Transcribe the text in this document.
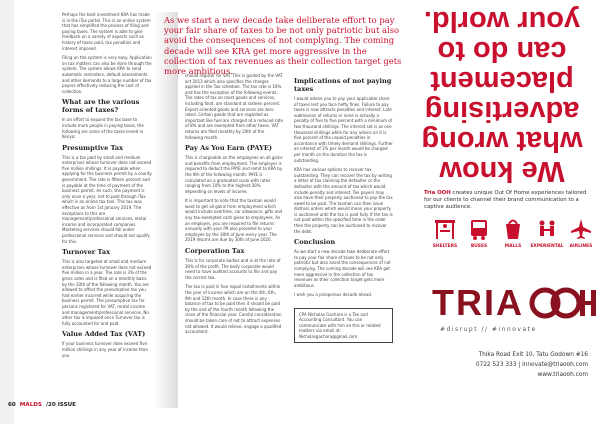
Perhaps the best investment KRA has made is in the iTax portal. This is an online system that has simplified the process of filing and paying taxes. The system is able to give feedback on a variety of aspects such as history of taxes paid, tax penalties and interest imposed.

Filing on the system is very easy. Application on tax matters can also be done through the system. The system allows KRA to send automatic reminders, default assessments and other demands to a large number of tax payers effectively reducing the cost of collection.

What are the various forms of taxes?

In an effort to expand the tax base to include more people in paying taxes, the following are some of the taxes levied in Kenya:

Presumptive Tax

This is a tax paid by small and medium enterprises whose turnover does not exceed five million shillings. It is payable when applying for the business permit by a county government. The rate is fifteen percent and is payable at the time of payment of the business permit. As such, the payment is only once a year, not to paid through iTax which is an online tax tool. This tax was effective as from 1st January 2019. The exceptions to this are management/professional services, rental income and incorporated companies. Marketing services should fall under professional services and should not qualify for this.

Turnover Tax

This is also targeted at small and medium enterprises whose turnover does not exceed five million in a year. The rate is 3% of the gross sales and is filed on a monthly basis by the 20th of the following month. You are allowed to offset the presumptive tax you had earlier incurred while acquiring the business permit. The presumptive tax for persons registered for VAT, rental income and management/professional services. No other tax is imposed once Turnover tax is fully accounted for and paid.

Value Added Tax (VAT)

If your business turnover does exceed five million shillings in any year of income then you

As we start a new decade take deliberate effort to pay your fair share of taxes to be not only patriotic but also avoid the consequences of not complying. The coming decade will see KRA get more aggressive in the collection of tax revenues as their collection target gets more ambitious.

should register for VAT. This is guided by the VAT act 2013 which also specifies the charges applied in the Tax schedule. The tax rate is 16% and has the exception of the following events. The rates of tax on most goods and services, including food, are standard at sixteen percent. Export oriented goods and services are zero rated. Certain goods that are regarded as important like fuel are charged at a reduced rate of 8% and are exempted from other taxes. VAT returns are filed monthly by 20th of the following month.

Pay As You Earn (PAYE)

This is chargeable on the employees on all gains and benefits from employment. The employer is required to deduct the PAYE and remit to KRA by the 9th of the following month. PAYE is calculated on a graduated scale with rates ranging from 10% to the highest 30% depending on levels of income.

It is important to note that the taxman would want to get all gains from employment which would include overtime, car allowance, gifts and any tax-exempted cash given to employees. As an employer, you are required to file returns annually with your P9 also provided to your employee by the 30th of June every year. The 2019 returns are due by 30th of June 2020.

Corporation Tax

This is for corporate bodies and is at the rate of 30% of the profit. The body corporate would need to have audited accounts to file and pay the correct tax.

The tax is paid in four equal installments within the year of income which are on the 4th, 6th, 9th and 12th month. In case there is any balance of tax to be paid then it should be paid by the end of the fourth month following the close of the financial year. Careful consideration should be taken care of not to attract expenses not allowed. It would relieve, engage a qualified accountant.

Implications of not paying taxes

I would advise you to pay your applicable share of taxes lest you face hefty fines. Failure to pay taxes is now attracts penalties and interest. Late submission of returns or none is actually a penalty of five to five percent with a minimum of two thousand shillings. The interest set is as one thousand shillings while for any advice on it is five percent of the unpaid penalties in accordance with timely demand shillings. Further an interest of 1% per month would be charged per month on the duration the tax is outstanding.

KRA has various options to recover tax outstanding. They can recover the tax by writing a letter of tax claiming the defaulter or the defaulter with the amount of tax which would include penalty and interest. Tax payers may also have their property auctioned to pay the tax owed to be paid. The taxman can then issue distress orders which would mean your property is auctioned until the tax is paid fully. If the tax is not paid within the specified time in the order then the property can be auctioned to recover the debt.

Conclusion

As we start a new decade take deliberate effort to pay your fair share of taxes to be not only patriotic but also avoid the consequences of not complying. The coming decade will see KRA get more aggressive in the collection of tax revenues as their collection target gets more ambitious.

I wish you a prosperous decade ahead.

CPA Nicholas Gachara is a Tax and Accounting Consultant. You can communicate with him on this or related matters via email at: Nicholasgachara@gmail.com

60 MALDS /20 ISSUE
We know what wrong advertising placement can do to your world.
Tria OOH creates unique Out Of Home experiences tailored for our clients to channel their brand communication to a captive audience.
SHELTERS	BUSES	MALLS EXPERIENTAL AIRLINES
TRIA
#disrupt // #innovate
Thika Road Exit 10, Tatu Godown #16
0722 523 333 | innovate@triaooh.com
www.triaooh.com
